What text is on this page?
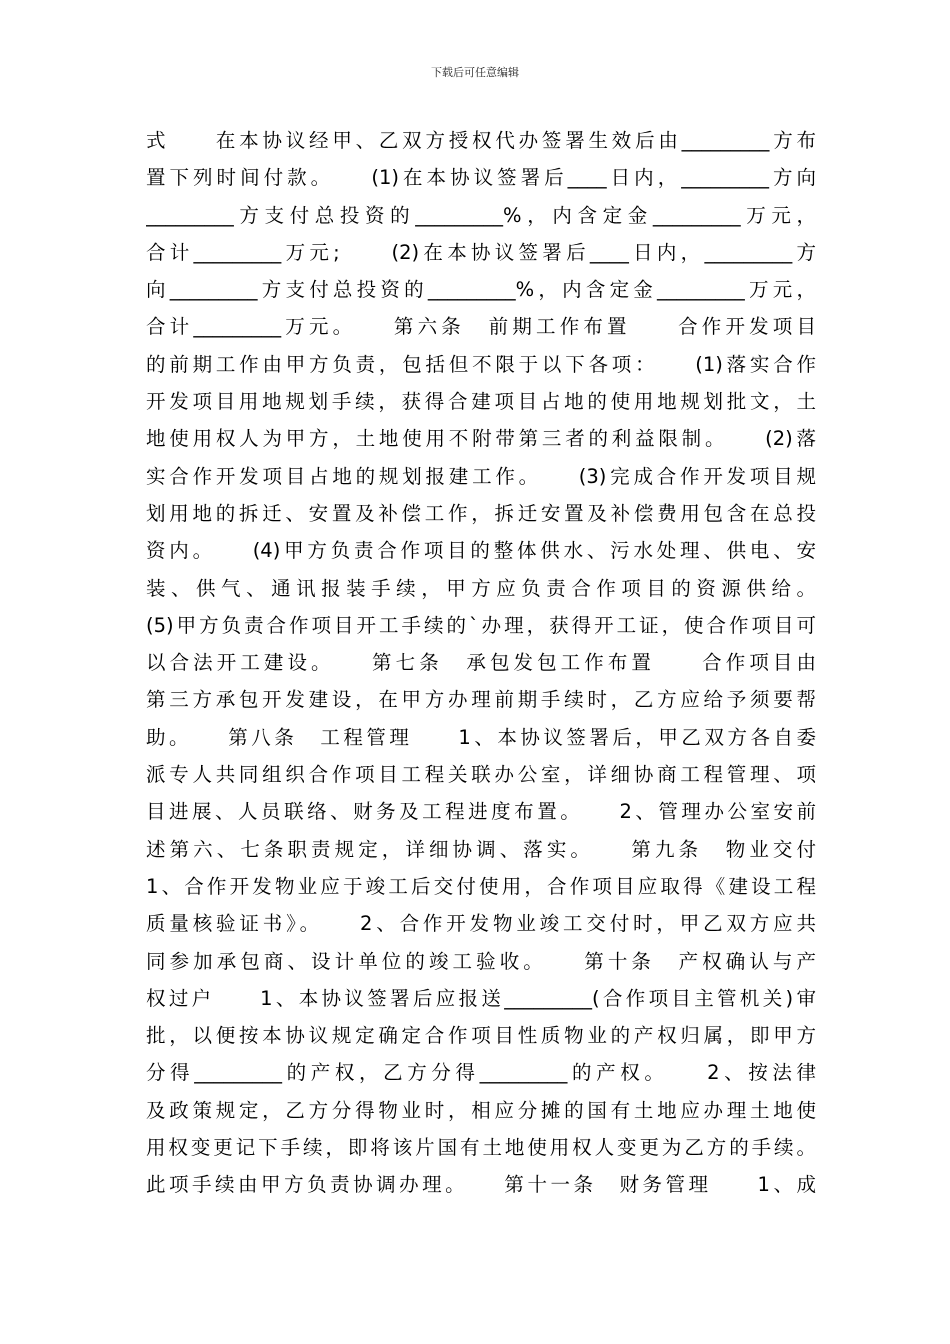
下载后可任意编辑
式　　在本协议经甲、乙双方授权代办签署生效后由_________方布
置下列时间付款。　　(1)在本协议签署后____日内，_________方向
_________方支付总投资的_________%，内含定金_________万元，
合计_________万元;　　(2)在本协议签署后____日内，_________方
向_________方支付总投资的_________%，内含定金_________万元，
合计_________万元。　　第六条　前期工作布置　　合作开发项目
的前期工作由甲方负责，包括但不限于以下各项：　　(1)落实合作
开发项目用地规划手续，获得合建项目占地的使用地规划批文，土
地使用权人为甲方，土地使用不附带第三者的利益限制。　　(2)落
实合作开发项目占地的规划报建工作。　　(3)完成合作开发项目规
划用地的拆迁、安置及补偿工作，拆迁安置及补偿费用包含在总投
资内。　　(4)甲方负责合作项目的整体供水、污水处理、供电、安
装、供气、通讯报装手续，甲方应负责合作项目的资源供给。
(5)甲方负责合作项目开工手续的`办理，获得开工证，使合作项目可
以合法开工建设。　　第七条　承包发包工作布置　　合作项目由
第三方承包开发建设，在甲方办理前期手续时，乙方应给予须要帮
助。　　第八条　工程管理　　1、本协议签署后，甲乙双方各自委
派专人共同组织合作项目工程关联办公室，详细协商工程管理、项
目进展、人员联络、财务及工程进度布置。　　2、管理办公室安前
述第六、七条职责规定，详细协调、落实。　　第九条　物业交付
1、合作开发物业应于竣工后交付使用，合作项目应取得《建设工程
质量核验证书》。　　2、合作开发物业竣工交付时，甲乙双方应共
同参加承包商、设计单位的竣工验收。　　第十条　产权确认与产
权过户　　1、本协议签署后应报送_________(合作项目主管机关)审
批，以便按本协议规定确定合作项目性质物业的产权归属，即甲方
分得_________的产权，乙方分得_________的产权。　　2、按法律
及政策规定，乙方分得物业时，相应分摊的国有土地应办理土地使
用权变更记下手续，即将该片国有土地使用权人变更为乙方的手续。
此项手续由甲方负责协调办理。　　第十一条　财务管理　　1、成
